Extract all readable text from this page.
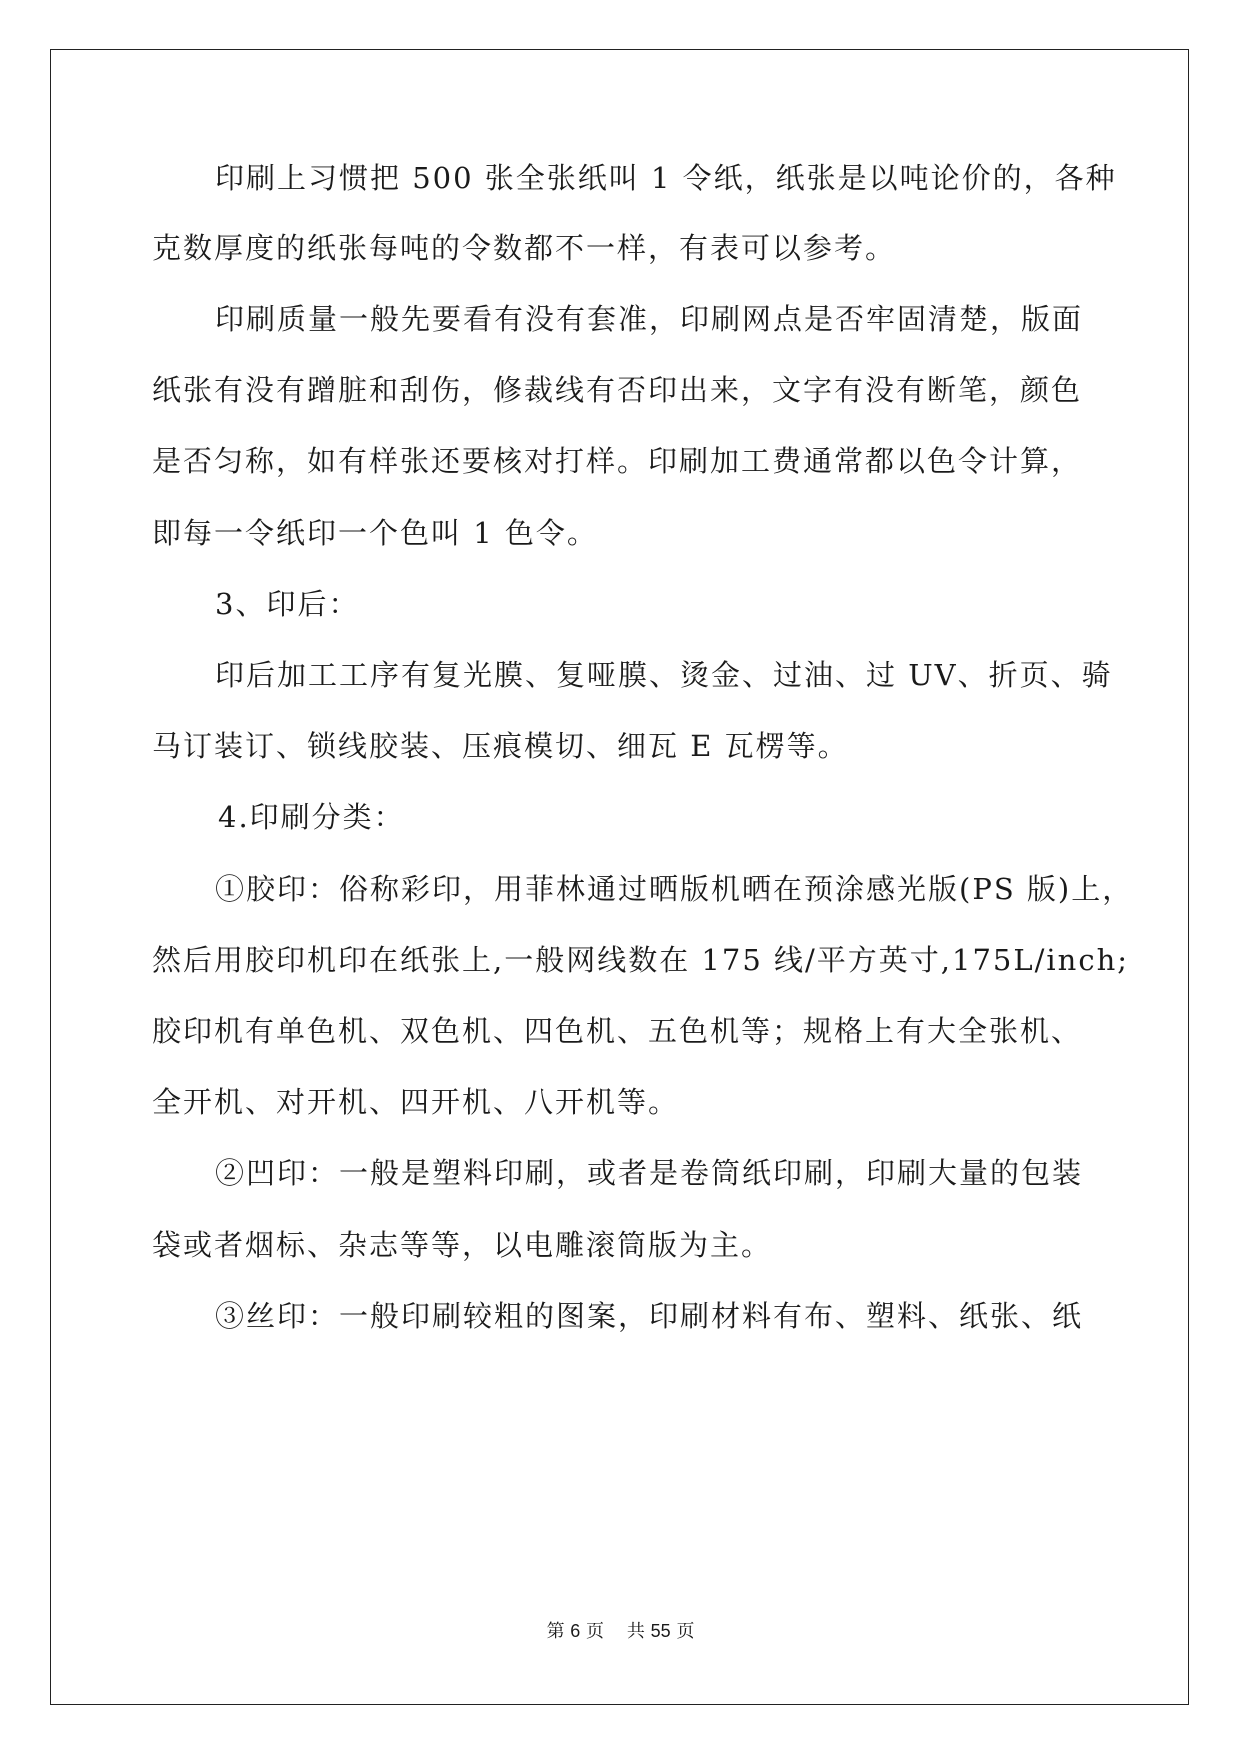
印刷上习惯把 500 张全张纸叫 1 令纸，纸张是以吨论价的，各种
克数厚度的纸张每吨的令数都不一样，有表可以参考。
印刷质量一般先要看有没有套准，印刷网点是否牢固清楚，版面
纸张有没有蹭脏和刮伤，修裁线有否印出来，文字有没有断笔，颜色
是否匀称，如有样张还要核对打样。印刷加工费通常都以色令计算，
即每一令纸印一个色叫 1 色令。
3、印后：
印后加工工序有复光膜、复哑膜、烫金、过油、过 UV、折页、骑
马订装订、锁线胶装、压痕模切、细瓦 E 瓦楞等。
4.印刷分类：
①胶印：俗称彩印，用菲林通过晒版机晒在预涂感光版(PS 版)上，
然后用胶印机印在纸张上,一般网线数在 175 线/平方英寸,175L/inch;
胶印机有单色机、双色机、四色机、五色机等；规格上有大全张机、
全开机、对开机、四开机、八开机等。
②凹印：一般是塑料印刷，或者是卷筒纸印刷，印刷大量的包装
袋或者烟标、杂志等等，以电雕滚筒版为主。
③丝印：一般印刷较粗的图案，印刷材料有布、塑料、纸张、纸
第 6 页    共 55 页
